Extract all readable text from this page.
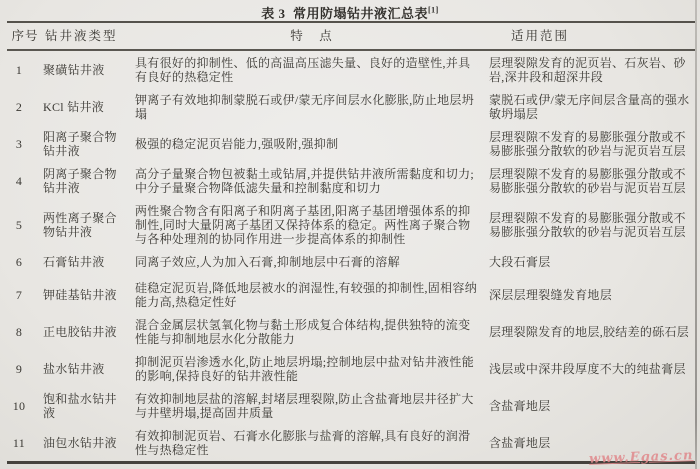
表 3 常用防塌钻井液汇总表[1]
序号	钻井液类型	特　点	适用范围
1	聚磺钻井液	具有很好的抑制性、低的高温高压滤失量、良好的造壁性,并具有良好的热稳定性	层理裂隙发育的泥页岩、石灰岩、砂岩,深井段和超深井段
2	KCl 钻井液	钾离子有效地抑制蒙脱石或伊/蒙无序间层水化膨胀,防止地层坍塌	蒙脱石或伊/蒙无序间层含量高的强水敏坍塌层
3	阳离子聚合物钻井液	极强的稳定泥页岩能力,强吸附,强抑制	层理裂隙不发育的易膨胀强分散或不易膨胀强分散软的砂岩与泥页岩互层
4	阴离子聚合物钻井液	高分子量聚合物包被黏土或钻屑,并提供钻井液所需黏度和切力;中分子量聚合物降低滤失量和控制黏度和切力	层理裂隙不发育的易膨胀强分散或不易膨胀强分散软的砂岩与泥页岩互层
5	两性离子聚合物钻井液	两性聚合物含有阳离子和阴离子基团,阳离子基团增强体系的抑制性,同时大量阴离子基团又保持体系的稳定。两性离子聚合物与各种处理剂的协同作用进一步提高体系的抑制性	层理裂隙不发育的易膨胀强分散或不易膨胀强分散软的砂岩与泥页岩互层
6	石膏钻井液	同离子效应,人为加入石膏,抑制地层中石膏的溶解	大段石膏层
7	钾硅基钻井液	硅稳定泥页岩,降低地层被水的润湿性,有较强的抑制性,固相容纳能力高,热稳定性好	深层层理裂缝发育地层
8	正电胶钻井液	混合金属层状氢氧化物与黏土形成复合体结构,提供独特的流变性能与抑制地层水化分散能力	层理裂隙发育的地层,胶结差的砾石层
9	盐水钻井液	抑制泥页岩渗透水化,防止地层坍塌;控制地层中盐对钻井液性能的影响,保持良好的钻井液性能	浅层或中深井段厚度不大的纯盐膏层
10	饱和盐水钻井液	有效抑制地层盐的溶解,封堵层理裂隙,防止含盐膏地层井径扩大与井壁坍塌,提高固井质量	含盐膏地层
11	油包水钻井液	有效抑制泥页岩、石膏水化膨胀与盐膏的溶解,具有良好的润滑性与热稳定性	含盐膏地层
www.Egas.cn
